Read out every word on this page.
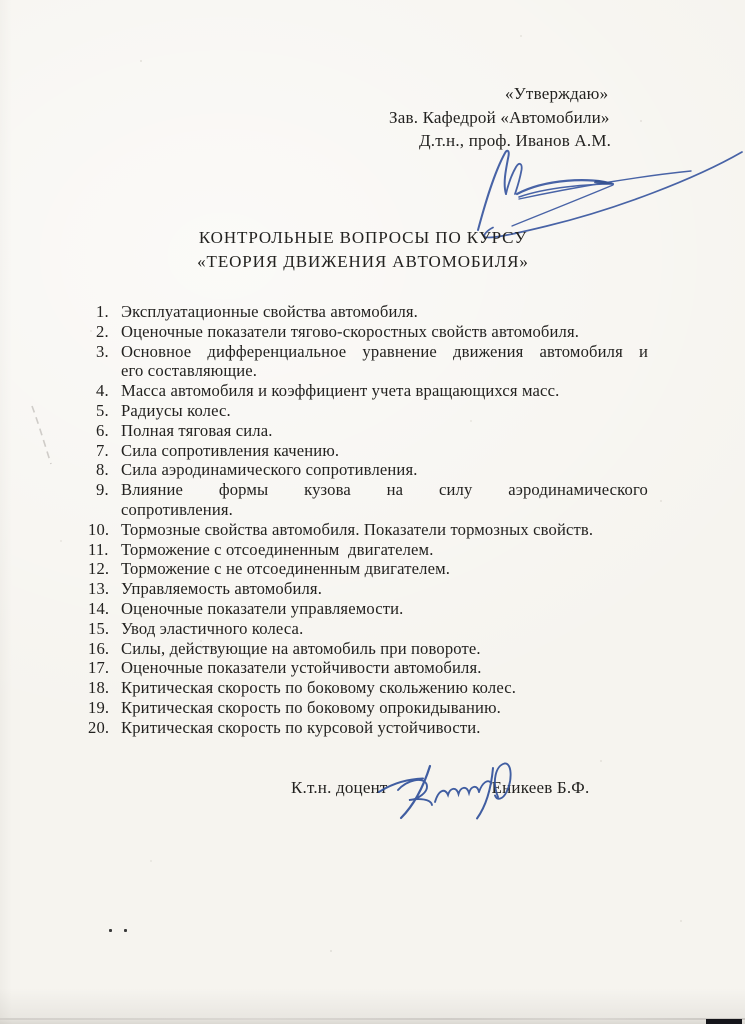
«Утверждаю»
Зав. Кафедрой «Автомобили»
Д.т.н., проф. Иванов А.М.
КОНТРОЛЬНЫЕ ВОПРОСЫ ПО КУРСУ
«ТЕОРИЯ ДВИЖЕНИЯ АВТОМОБИЛЯ»
1. Эксплуатационные свойства автомобиля.
2. Оценочные показатели тягово-скоростных свойств автомобиля.
3. Основное дифференциальное уравнение движения автомобиля и
его составляющие.
4. Масса автомобиля и коэффициент учета вращающихся масс.
5. Радиусы колес.
6. Полная тяговая сила.
7. Сила сопротивления качению.
8. Сила аэродинамического сопротивления.
9. Влияние формы кузова на силу аэродинамического
сопротивления.
10. Тормозные свойства автомобиля. Показатели тормозных свойств.
11. Торможение с отсоединенным  двигателем.
12. Торможение с не отсоединенным двигателем.
13. Управляемость автомобиля.
14. Оценочные показатели управляемости.
15. Увод эластичного колеса.
16. Силы, действующие на автомобиль при повороте.
17. Оценочные показатели устойчивости автомобиля.
18. Критическая скорость по боковому скольжению колес.
19. Критическая скорость по боковому опрокидыванию.
20. Критическая скорость по курсовой устойчивости.
К.т.н. доцент	Еникеев Б.Ф.
